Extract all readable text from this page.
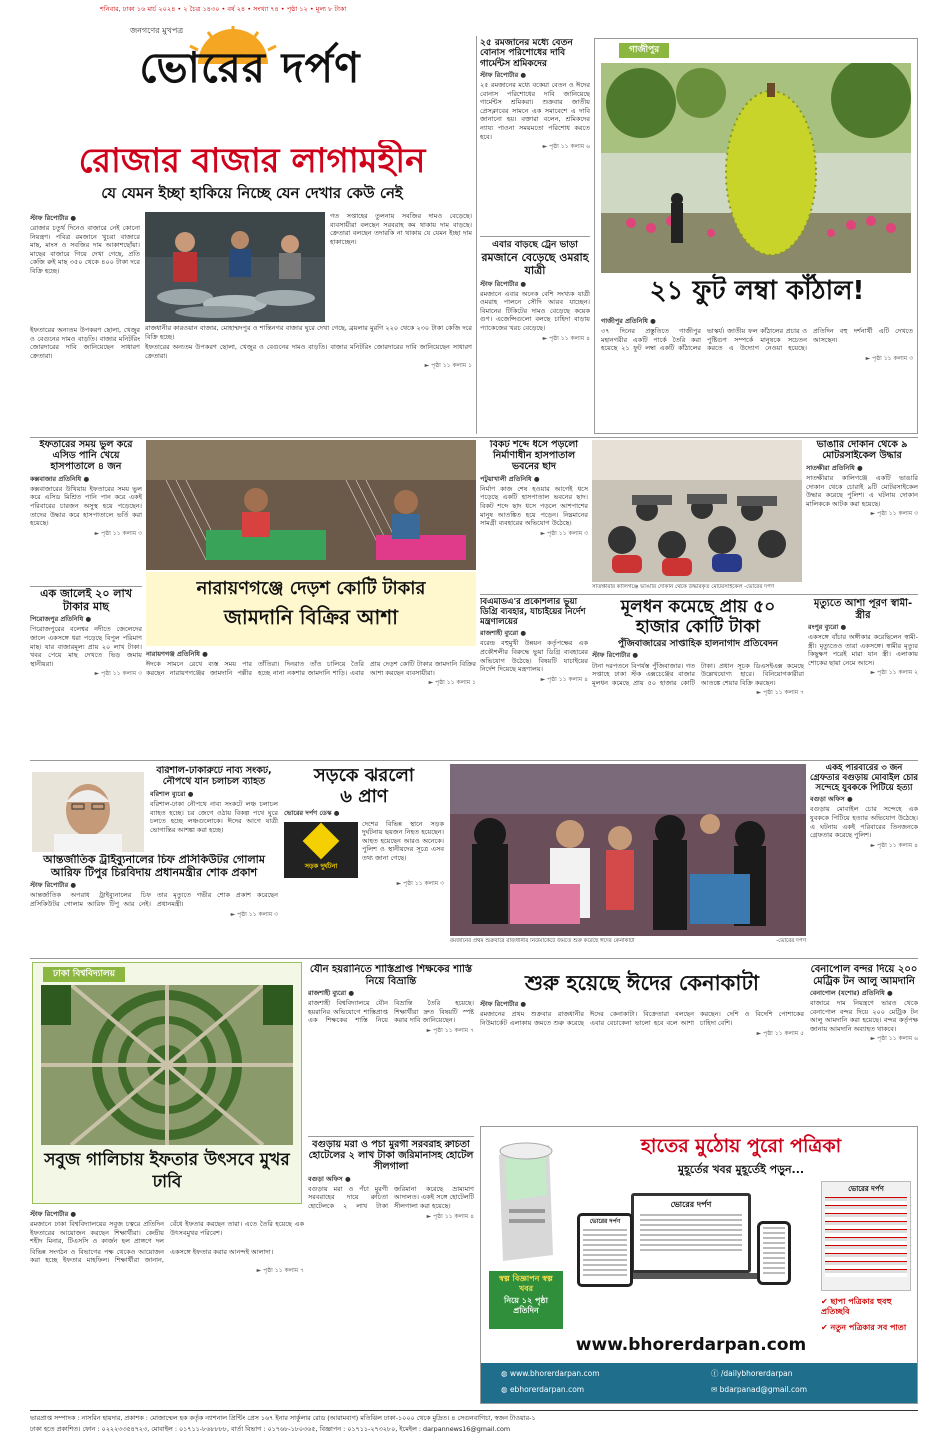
শনিবার, ঢাকা ১৬ মার্চ ২০২৪ • ২ চৈত্র ১৪৩০ • বর্ষ ২৪ • সংখ্যা ৭৪ • পৃষ্ঠা ১২ • মূল্য ৮ টাকা
জনগণের মুখপত্র
ভোরের দর্পণ
রোজার বাজার লাগামহীন
যে যেমন ইচ্ছা হাকিয়ে নিচ্ছে যেন দেখার কেউ নেই
স্টাফ রিপোর্টার ●
রোজার চতুর্থ দিনেও বাজারে নেই কোনো নিয়ন্ত্রণ। পবিত্র রমজানে খুচরা বাজারে মাছ, মাংস ও সবজির দাম আকাশছোঁয়া। মাছের বাজারে গিয়ে দেখা গেছে, প্রতি কেজি রুই মাছ ৩৫০ থেকে ৪০০ টাকা দরে বিক্রি হচ্ছে।
গত সপ্তাহের তুলনায় সবজির দামও বেড়েছে। ব্যবসায়ীরা বলছেন সরবরাহ কম থাকায় দাম বাড়ছে। ক্রেতারা বলছেন তদারকি না থাকায় যে যেমন ইচ্ছা দাম হাকাচ্ছেন।
রাজধানীর কারওয়ান বাজার, মোহাম্মদপুর ও শান্তিনগর বাজার ঘুরে দেখা গেছে, ব্রয়লার মুরগি ২২০ থেকে ২৩০ টাকা কেজি দরে বিক্রি হচ্ছে।
ইফতারের অন্যতম উপকরণ ছোলা, খেজুর ও বেগুনের দামও বাড়তি। বাজার মনিটরিং জোরদারের দাবি জানিয়েছেন সাধারণ ক্রেতারা।
► পৃষ্ঠা ১১ কলাম ১
ইফতারের অন্যতম উপকরণ ছোলা, খেজুর ও বেগুনের দামও বাড়তি। বাজার মনিটরিং জোরদারের দাবি জানিয়েছেন সাধারণ ক্রেতারা।
২৫ রমজানের মধ্যে বেতন বোনাস পরিশোধের দাবি গার্মেন্টস শ্রমিকদের
স্টাফ রিপোর্টার ●
২৫ রমজানের মধ্যে বকেয়া বেতন ও ঈদের বোনাস পরিশোধের দাবি জানিয়েছে গার্মেন্টস শ্রমিকরা। শুক্রবার জাতীয় প্রেসক্লাবের সামনে এক সমাবেশে এ দাবি জানানো হয়। বক্তারা বলেন, শ্রমিকদের ন্যায্য পাওনা সময়মতো পরিশোধ করতে হবে।
► পৃষ্ঠা ১১ কলাম ৬
এবার বাড়ছে ট্রেন ভাড়া
রমজানে বেড়েছে ওমরাহ যাত্রী
স্টাফ রিপোর্টার ●
রমজানে এবার অনেক বেশি সংখ্যক যাত্রী ওমরাহ পালনে সৌদি আরব যাচ্ছেন। বিমানের টিকিটের দামও বেড়েছে কয়েক গুণ। এজেন্সিগুলো বলছে চাহিদা বাড়ায় প্যাকেজের খরচ বেড়েছে।
► পৃষ্ঠা ১১ কলাম ৪
গাজীপুর
২১ ফুট লম্বা কাঁঠাল!
গাজীপুর প্রতিনিধি ●
৩৭ দিনের প্রস্তুতিতে গাজীপুর মহানগরীর একটি পার্কে তৈরি করা হয়েছে ২১ ফুট লম্বা একটি কাঁঠালের ভাস্কর্য। জাতীয় ফল কাঁঠালের প্রচার ও পুষ্টিগুণ সম্পর্কে মানুষকে সচেতন করতে এ উদ্যোগ নেওয়া হয়েছে। প্রতিদিন বহু দর্শনার্থী এটি দেখতে আসছেন।
► পৃষ্ঠা ১১ কলাম ৩
ইফতারের সময় ভুল করে এসিড পানি খেয়ে হাসপাতালে ৪ জন
কক্সবাজার প্রতিনিধি ●
কক্সবাজারের উখিয়ায় ইফতারের সময় ভুল করে এসিড মিশ্রিত পানি পান করে একই পরিবারের চারজন অসুস্থ হয়ে পড়েছেন। তাদের উদ্ধার করে হাসপাতালে ভর্তি করা হয়েছে।
► পৃষ্ঠা ১১ কলাম ৩
এক জালেই ২০ লাখ টাকার মাছ
পিরোজপুর প্রতিনিধি ●
পিরোজপুরের বলেশ্বর নদীতে জেলেদের জালে একসঙ্গে ধরা পড়েছে বিপুল পরিমাণ মাছ। যার বাজারমূল্য প্রায় ২০ লাখ টাকা। খবর পেয়ে মাছ দেখতে ভিড় জমায় স্থানীয়রা।
► পৃষ্ঠা ১১ কলাম ৩
নারায়ণগঞ্জে দেড়শ কোটি টাকার
জামদানি বিক্রির আশা
নারায়ণগঞ্জ প্রতিনিধি ●
ঈদকে সামনে রেখে ব্যস্ত সময় পার করছেন নারায়ণগঞ্জের জামদানি পল্লীর তাঁতিরা। দিনরাত তাঁত চালিয়ে তৈরি হচ্ছে নানা নকশার জামদানি শাড়ি। এবার প্রায় দেড়শ কোটি টাকার জামদানি বিক্রির আশা করছেন ব্যবসায়ীরা।
► পৃষ্ঠা ১১ কলাম ১
বিকট শব্দে ধসে পড়লো নির্মাণাধীন হাসপাতাল ভবনের ছাদ
পটুয়াখালী প্রতিনিধি ●
নির্মাণ কাজ শেষ হওয়ার আগেই ধসে পড়েছে একটি হাসপাতাল ভবনের ছাদ। বিকট শব্দে ছাদ ধসে পড়লে আশপাশের মানুষ আতঙ্কিত হয়ে পড়েন। নিম্নমানের সামগ্রী ব্যবহারের অভিযোগ উঠেছে।
► পৃষ্ঠা ১১ কলাম ৩
সাতক্ষীরার কালিগঞ্জে ভাঙারি দোকান থেকে উদ্ধারকৃত মোটরসাইকেল -ভোরের দর্পণ
ভাঙারি দোকান থেকে ৯ মোটরসাইকেল উদ্ধার
সাতক্ষীরা প্রতিনিধি ●
সাতক্ষীরার কালিগঞ্জে একটি ভাঙারি দোকান থেকে চোরাই ৯টি মোটরসাইকেল উদ্ধার করেছে পুলিশ। এ ঘটনায় দোকান মালিককে আটক করা হয়েছে।
► পৃষ্ঠা ১১ কলাম ৩
বিএমডিএ'র প্রকৌশলীর ভুয়া ডিগ্রি ব্যবহার, যাচাইয়ের নির্দেশ মন্ত্রণালয়ের
রাজশাহী ব্যুরো ●
বরেন্দ্র বহুমুখী উন্নয়ন কর্তৃপক্ষের এক প্রকৌশলীর বিরুদ্ধে ভুয়া ডিগ্রি ব্যবহারের অভিযোগ উঠেছে। বিষয়টি যাচাইয়ের নির্দেশ দিয়েছে মন্ত্রণালয়।
► পৃষ্ঠা ১১ কলাম ৪
মূলধন কমেছে প্রায় ৫০
হাজার কোটি টাকা
পুঁজিবাজারের সাপ্তাহিক হালনাগাদ প্রতিবেদন
স্টাফ রিপোর্টার ●
টানা দরপতনে বিপর্যস্ত পুঁজিবাজার। গত সপ্তাহে ঢাকা স্টক এক্সচেঞ্জের বাজার মূলধন কমেছে প্রায় ৫০ হাজার কোটি টাকা। প্রধান সূচক ডিএসইএক্স কমেছে উল্লেখযোগ্য হারে। বিনিয়োগকারীরা আতঙ্কে শেয়ার বিক্রি করছেন।
► পৃষ্ঠা ১১ কলাম ৭
মৃত্যুতে আশা পূরণ স্বামী-স্ত্রীর
রংপুর ব্যুরো ●
একসঙ্গে বাঁচার অঙ্গীকার করেছিলেন স্বামী-স্ত্রী। মৃত্যুতেও তারা একসঙ্গে। স্বামীর মৃত্যুর কিছুক্ষণ পরেই মারা যান স্ত্রী। এলাকায় শোকের ছায়া নেমে আসে।
► পৃষ্ঠা ১১ কলাম ২
আন্তর্জাতিক ট্রাইব্যুনালের চিফ প্রসিকিউটর গোলাম আরিফ টিপুর চিরবিদায় প্রধানমন্ত্রীর শোক প্রকাশ
স্টাফ রিপোর্টার ●
আন্তর্জাতিক অপরাধ ট্রাইব্যুনালের চিফ প্রসিকিউটর গোলাম আরিফ টিপু আর নেই। তার মৃত্যুতে গভীর শোক প্রকাশ করেছেন প্রধানমন্ত্রী।
► পৃষ্ঠা ১১ কলাম ৩
বরিশাল-ঢাকারুটে নাব্য সংকট, নৌপথে যান চলাচল ব্যাহত
বরিশাল ব্যুরো ●
বরিশাল-ঢাকা নৌপথে নাব্য সংকটে লঞ্চ চলাচল ব্যাহত হচ্ছে। চর জেগে ওঠায় বিকল্প পথে ঘুরে চলতে হচ্ছে লঞ্চগুলোকে। ঈদের আগে যাত্রী ভোগান্তির আশঙ্কা করা হচ্ছে।
সড়কে ঝরলো
৬ প্রাণ
ভোরের দর্পণ ডেস্ক ●
সড়ক দুর্ঘটনা
দেশের বিভিন্ন স্থানে সড়ক দুর্ঘটনায় ছয়জন নিহত হয়েছেন। আহত হয়েছেন আরও অনেকে। পুলিশ ও স্থানীয়দের সূত্রে এসব তথ্য জানা গেছে।
► পৃষ্ঠা ১১ কলাম ৩
রমজানের প্রথম শুক্রবারে রাজধানীর নিউমার্কেটে জমতে শুরু করেছে ঈদের কেনাকাটা	-ভোরের দর্পণ
একই পরিবারের ৩ জন গ্রেফতার বগুড়ায় মোবাইল চোর সন্দেহে যুবককে পিটিয়ে হত্যা
বগুড়া অফিস ●
বগুড়ায় মোবাইল চোর সন্দেহে এক যুবককে পিটিয়ে হত্যার অভিযোগ উঠেছে। এ ঘটনায় একই পরিবারের তিনজনকে গ্রেফতার করেছে পুলিশ।
► পৃষ্ঠা ১১ কলাম ৪
ঢাকা বিশ্ববিদ্যালয়
সবুজ গালিচায় ইফতার উৎসবে মুখর ঢাবি
স্টাফ রিপোর্টার ●
রমজানে ঢাকা বিশ্ববিদ্যালয়ের সবুজ চত্বরে প্রতিদিন ইফতারের আয়োজন করছেন শিক্ষার্থীরা। কেন্দ্রীয় শহীদ মিনার, টিএসসি ও কার্জন হল প্রাঙ্গণে দল বেঁধে ইফতার করছেন তারা। এতে তৈরি হয়েছে এক উৎসবমুখর পরিবেশ।
বিভিন্ন সংগঠন ও বিভাগের পক্ষ থেকেও আয়োজন করা হচ্ছে ইফতার মাহফিল। শিক্ষার্থীরা জানান, একসঙ্গে ইফতার করার আনন্দই আলাদা।
► পৃষ্ঠা ১১ কলাম ৭
যৌন হয়রানিতে শাস্তিপ্রাপ্ত শিক্ষকের শাস্তি নিয়ে বিভ্রান্তি
রাজশাহী ব্যুরো ●
রাজশাহী বিশ্ববিদ্যালয়ে যৌন হয়রানির অভিযোগে শাস্তিপ্রাপ্ত এক শিক্ষকের শাস্তি নিয়ে বিভ্রান্তি তৈরি হয়েছে। শিক্ষার্থীরা দ্রুত বিষয়টি স্পষ্ট করার দাবি জানিয়েছেন।
► পৃষ্ঠা ১১ কলাম ৭
বগুড়ায় মরা ও পঁচা মুরগী সরবরাহ রুচিতা হোটেলের ২ লাখ টাকা জরিমানাসহ হোটেল সীলগালা
বগুড়া অফিস ●
বগুড়ায় মরা ও পঁচা মুরগী সরবরাহের দায়ে রুচিতা হোটেলকে ২ লাখ টাকা জরিমানা করেছে ভ্রাম্যমাণ আদালত। একই সঙ্গে হোটেলটি সীলগালা করা হয়েছে।
► পৃষ্ঠা ১১ কলাম ৪
শুরু হয়েছে ঈদের কেনাকাটা
স্টাফ রিপোর্টার ●
রমজানের প্রথম শুক্রবার রাজধানীর নিউমার্কেট এলাকায় জমতে শুরু করেছে ঈদের কেনাকাটা। বিক্রেতারা বলছেন এবার বেচাকেনা ভালো হবে বলে আশা করছেন। দেশি ও বিদেশি পোশাকের চাহিদা বেশি।
► পৃষ্ঠা ১১ কলাম ৫
বেনাপোল বন্দর দিয়ে ২০০ মেট্রিক টন আলু আমদানি
বেনাপোল (যশোর) প্রতিনিধি ●
বাজারে দাম নিয়ন্ত্রণে ভারত থেকে বেনাপোল বন্দর দিয়ে ২০০ মেট্রিক টন আলু আমদানি করা হয়েছে। বন্দর কর্তৃপক্ষ জানায় আমদানি অব্যাহত থাকবে।
► পৃষ্ঠা ১১ কলাম ৬
হাতের মুঠোয় পুরো পত্রিকা
মুহূর্তের খবর মুহূর্তেই পড়ুন...
ভোরের দর্পণ
ভোরের দর্পণ
ভোরের দর্পণ
স্বল্প বিজ্ঞাপন স্বল্প খবর
নিয়ে ১২ পৃষ্ঠা প্রতিদিন
✔ ছাপা পত্রিকার হুবহু প্রতিচ্ছবি
✔ নতুন পত্রিকার সব পাতা
www.bhorerdarpan.com
◍ www.bhorerdarpan.com	ⓕ /dailybhorerdarpan
◍ ebhorerdarpan.com	✉ bdarpanad@gmail.com
ভারপ্রাপ্ত সম্পাদক : নাসরিন হায়দার, প্রকাশক : মোজাম্মেল হক কর্তৃক ন্যাশনাল প্রিন্টিং প্রেস ১৬৭ ইনার সার্কুলার রোড (আরামবাগ) মতিঝিল ঢাকা-১০০০ থেকে মুদ্রিত। ৪ সেগুনবাগিচা, স্বজন টাওয়ার-১
ঢাকা হতে প্রকাশিত। ফোন : ০২২২৩৩৫৪৭২৩, মোবাইল : ০১৭১১-৮৬৮৮৮৮, বার্তা বিভাগ : ০১৭৬৮-১৮০৩৬৫, বিজ্ঞাপন : ০১৭১১-২৭৩২৮০, ইমেইল : darpannews16@gmail.com
